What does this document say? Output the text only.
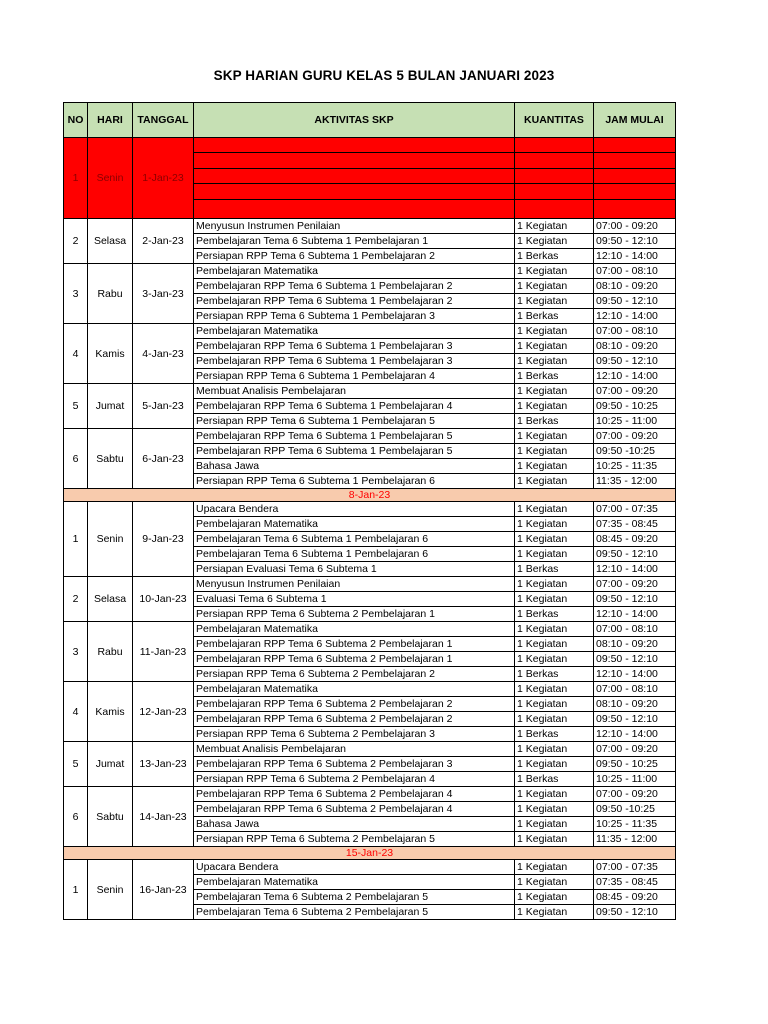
SKP HARIAN GURU KELAS 5 BULAN JANUARI 2023
NO	HARI	TANGGAL	AKTIVITAS SKP	KUANTITAS	JAM MULAI
1	Senin	1-Jan-23			

2	Selasa	2-Jan-23	Menyusun Instrumen Penilaian	1 Kegiatan	07:00 - 09:20
			Pembelajaran Tema 6 Subtema 1 Pembelajaran 1	1 Kegiatan	09:50 - 12:10
			Persiapan RPP Tema 6 Subtema 1 Pembelajaran 2	1 Berkas	12:10 - 14:00
3	Rabu	3-Jan-23	Pembelajaran Matematika	1 Kegiatan	07:00 - 08:10
			Pembelajaran RPP Tema 6 Subtema 1 Pembelajaran 2	1 Kegiatan	08:10 - 09:20
			Pembelajaran RPP Tema 6 Subtema 1 Pembelajaran 2	1 Kegiatan	09:50 - 12:10
			Persiapan RPP Tema 6 Subtema 1 Pembelajaran 3	1 Berkas	12:10 - 14:00
4	Kamis	4-Jan-23	Pembelajaran Matematika	1 Kegiatan	07:00 - 08:10
			Pembelajaran RPP Tema 6 Subtema 1 Pembelajaran 3	1 Kegiatan	08:10 - 09:20
			Pembelajaran RPP Tema 6 Subtema 1 Pembelajaran 3	1 Kegiatan	09:50 - 12:10
			Persiapan RPP Tema 6 Subtema 1 Pembelajaran 4	1 Berkas	12:10 - 14:00
5	Jumat	5-Jan-23	Membuat Analisis Pembelajaran	1 Kegiatan	07:00 - 09:20
			Pembelajaran RPP Tema 6 Subtema 1 Pembelajaran 4	1 Kegiatan	09:50 - 10:25
			Persiapan RPP Tema 6 Subtema 1 Pembelajaran 5	1 Berkas	10:25 - 11:00
6	Sabtu	6-Jan-23	Pembelajaran RPP Tema 6 Subtema 1 Pembelajaran 5	1 Kegiatan	07:00 - 09:20
			Pembelajaran RPP Tema 6 Subtema 1 Pembelajaran 5	1 Kegiatan	09:50 -10:25
			Bahasa Jawa	1 Kegiatan	10:25 - 11:35
			Persiapan RPP Tema 6 Subtema 1 Pembelajaran 6	1 Kegiatan	11:35 - 12:00
8-Jan-23					
1	Senin	9-Jan-23	Upacara Bendera	1 Kegiatan	07:00 - 07:35
			Pembelajaran Matematika	1 Kegiatan	07:35 - 08:45
			Pembelajaran Tema 6 Subtema 1 Pembelajaran 6	1 Kegiatan	08:45 - 09:20
			Pembelajaran Tema 6 Subtema 1 Pembelajaran 6	1 Kegiatan	09:50 - 12:10
			Persiapan Evaluasi Tema 6 Subtema 1	1 Berkas	12:10 - 14:00
2	Selasa	10-Jan-23	Menyusun Instrumen Penilaian	1 Kegiatan	07:00 - 09:20
			Evaluasi Tema 6 Subtema 1	1 Kegiatan	09:50 - 12:10
			Persiapan RPP Tema 6 Subtema 2 Pembelajaran 1	1 Berkas	12:10 - 14:00
3	Rabu	11-Jan-23	Pembelajaran Matematika	1 Kegiatan	07:00 - 08:10
			Pembelajaran RPP Tema 6 Subtema 2 Pembelajaran 1	1 Kegiatan	08:10 - 09:20
			Pembelajaran RPP Tema 6 Subtema 2 Pembelajaran 1	1 Kegiatan	09:50 - 12:10
			Persiapan RPP Tema 6 Subtema 2 Pembelajaran 2	1 Berkas	12:10 - 14:00
4	Kamis	12-Jan-23	Pembelajaran Matematika	1 Kegiatan	07:00 - 08:10
			Pembelajaran RPP Tema 6 Subtema 2 Pembelajaran 2	1 Kegiatan	08:10 - 09:20
			Pembelajaran RPP Tema 6 Subtema 2 Pembelajaran 2	1 Kegiatan	09:50 - 12:10
			Persiapan RPP Tema 6 Subtema 2 Pembelajaran 3	1 Berkas	12:10 - 14:00
5	Jumat	13-Jan-23	Membuat Analisis Pembelajaran	1 Kegiatan	07:00 - 09:20
			Pembelajaran RPP Tema 6 Subtema 2 Pembelajaran 3	1 Kegiatan	09:50 - 10:25
			Persiapan RPP Tema 6 Subtema 2 Pembelajaran 4	1 Berkas	10:25 - 11:00
6	Sabtu	14-Jan-23	Pembelajaran RPP Tema 6 Subtema 2 Pembelajaran 4	1 Kegiatan	07:00 - 09:20
			Pembelajaran RPP Tema 6 Subtema 2 Pembelajaran 4	1 Kegiatan	09:50 -10:25
			Bahasa Jawa	1 Kegiatan	10:25 - 11:35
			Persiapan RPP Tema 6 Subtema 2 Pembelajaran 5	1 Kegiatan	11:35 - 12:00
15-Jan-23					
1	Senin	16-Jan-23	Upacara Bendera	1 Kegiatan	07:00 - 07:35
			Pembelajaran Matematika	1 Kegiatan	07:35 - 08:45
			Pembelajaran Tema 6 Subtema 2 Pembelajaran 5	1 Kegiatan	08:45 - 09:20
			Pembelajaran Tema 6 Subtema 2 Pembelajaran 5	1 Kegiatan	09:50 - 12:10
